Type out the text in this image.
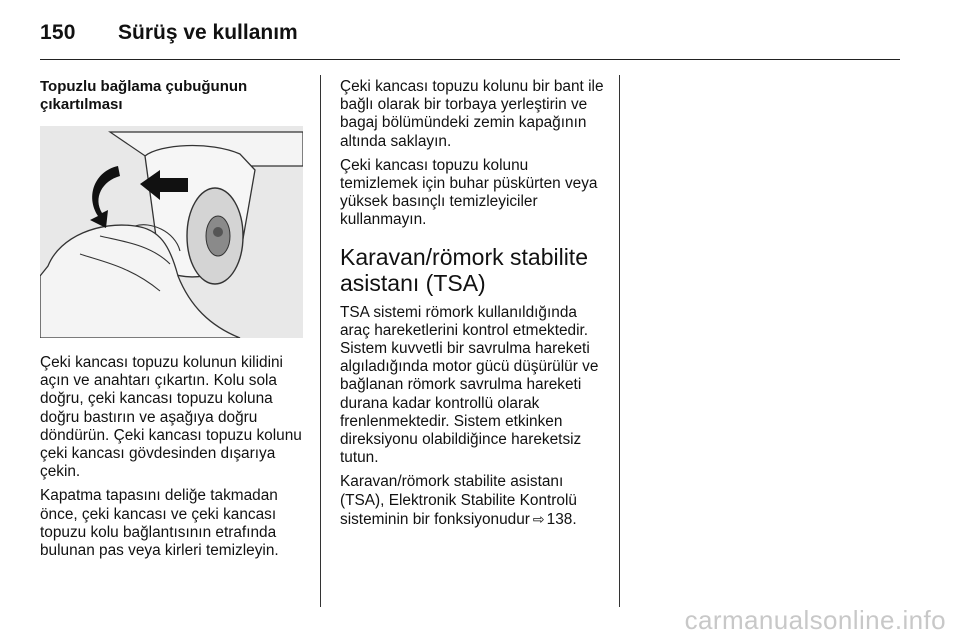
150 Sürüş ve kullanım
Topuzlu bağlama çubuğunun çıkartılması

Çeki kancası topuzu kolunun kilidini açın ve anahtarı çıkartın. Kolu sola doğru, çeki kancası topuzu koluna doğru bastırın ve aşağıya doğru döndürün. Çeki kancası topuzu kolunu çeki kancası gövdesinden dışarıya çekin.

Kapatma tapasını deliğe takmadan önce, çeki kancası ve çeki kancası topuzu kolu bağlantısının etrafında bulunan pas veya kirleri temizleyin.

Çeki kancası topuzu kolunu bir bant ile bağlı olarak bir torbaya yerleştirin ve bagaj bölümündeki zemin kapağının altında saklayın.

Çeki kancası topuzu kolunu temizlemek için buhar püskürten veya yüksek basınçlı temizleyiciler kullanmayın.

Karavan/römork stabilite asistanı (TSA)

TSA sistemi römork kullanıldığında araç hareketlerini kontrol etmektedir. Sistem kuvvetli bir savrulma hareketi algıladığında motor gücü düşürülür ve bağlanan römork savrulma hareketi durana kadar kontrollü olarak frenlenmektedir. Sistem etkinken direksiyonu olabildiğince hareketsiz tutun.

Karavan/römork stabilite asistanı (TSA), Elektronik Stabilite Kontrolü sisteminin bir fonksiyonudur ⇨ 138.

carmanualsonline.info
